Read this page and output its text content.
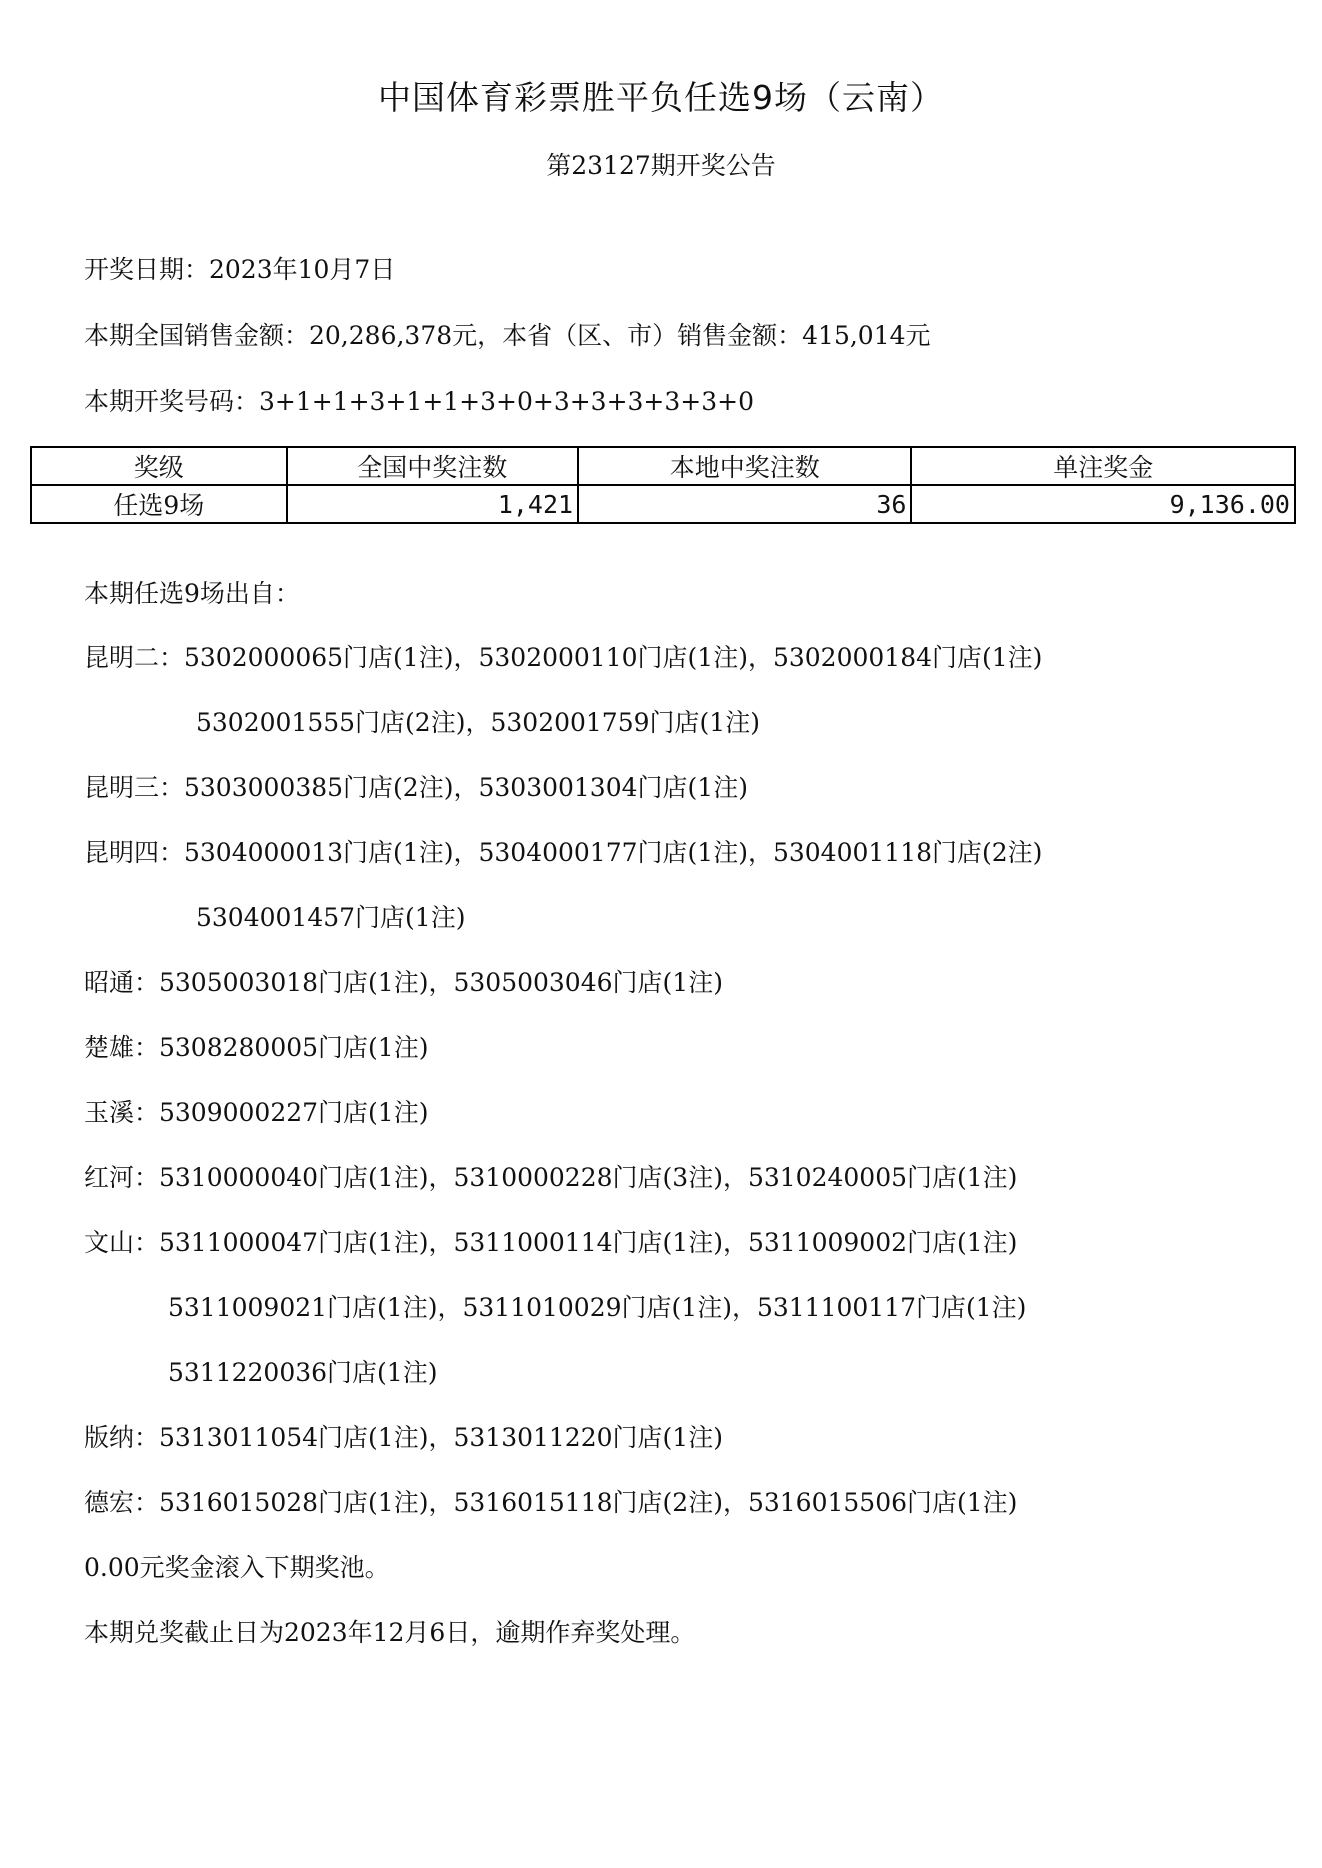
中国体育彩票胜平负任选9场（云南）
第23127期开奖公告
开奖日期：2023年10月7日
本期全国销售金额：20,286,378元，本省（区、市）销售金额：415,014元
本期开奖号码：3+1+1+3+1+1+3+0+3+3+3+3+3+0
奖级	全国中奖注数	本地中奖注数	单注奖金
任选9场	1,421	36	9,136.00
本期任选9场出自：
昆明二：5302000065门店(1注)，5302000110门店(1注)，5302000184门店(1注)
5302001555门店(2注)，5302001759门店(1注)
昆明三：5303000385门店(2注)，5303001304门店(1注)
昆明四：5304000013门店(1注)，5304000177门店(1注)，5304001118门店(2注)
5304001457门店(1注)
昭通：5305003018门店(1注)，5305003046门店(1注)
楚雄：5308280005门店(1注)
玉溪：5309000227门店(1注)
红河：5310000040门店(1注)，5310000228门店(3注)，5310240005门店(1注)
文山：5311000047门店(1注)，5311000114门店(1注)，5311009002门店(1注)
5311009021门店(1注)，5311010029门店(1注)，5311100117门店(1注)
5311220036门店(1注)
版纳：5313011054门店(1注)，5313011220门店(1注)
德宏：5316015028门店(1注)，5316015118门店(2注)，5316015506门店(1注)
0.00元奖金滚入下期奖池。
本期兑奖截止日为2023年12月6日，逾期作弃奖处理。
